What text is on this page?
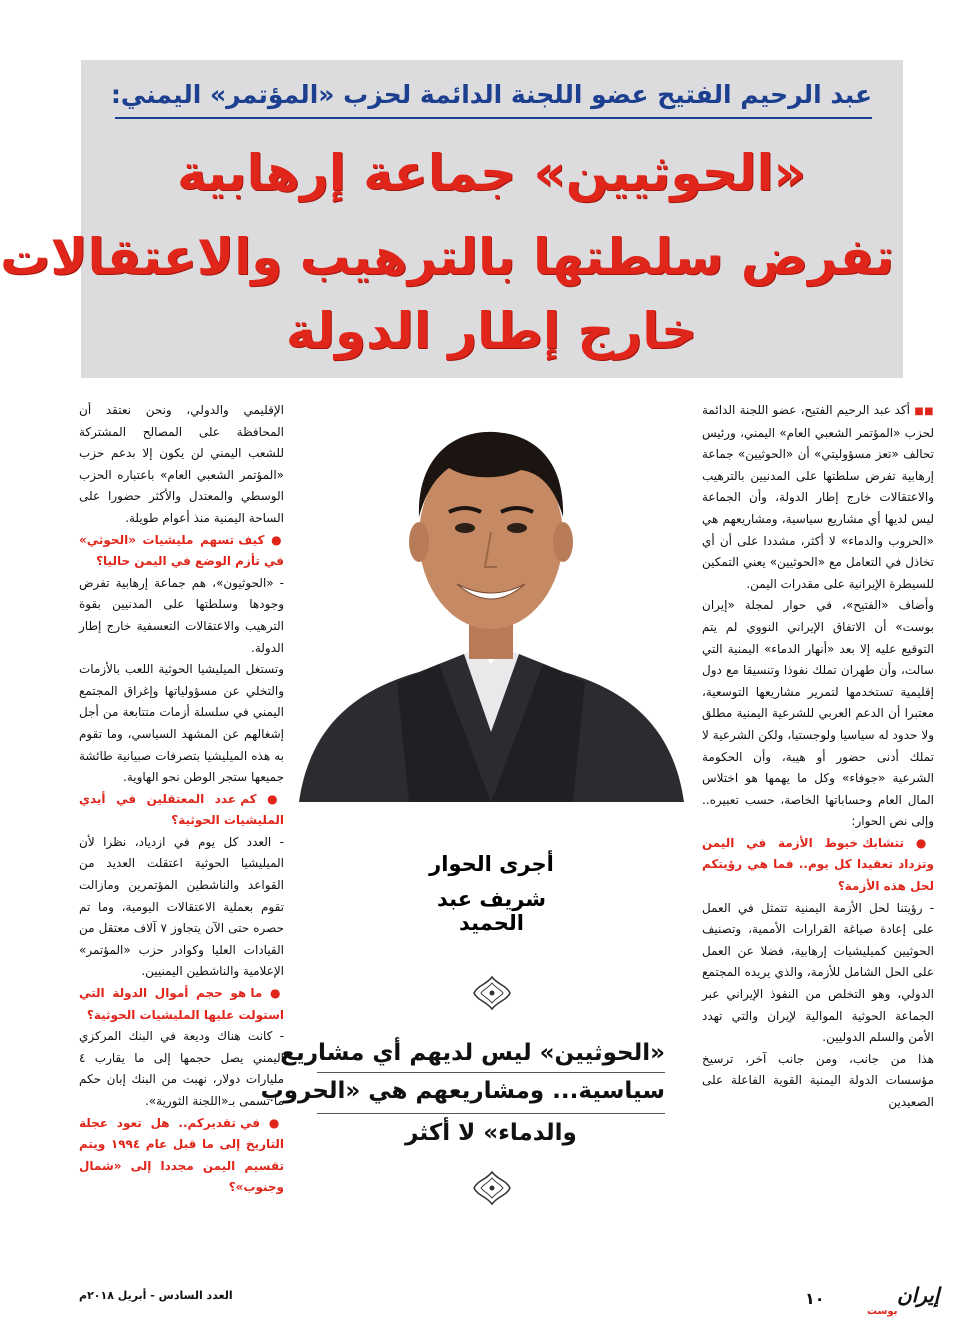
عبد الرحيم الفتيح عضو اللجنة الدائمة لحزب «المؤتمر» اليمني:
«الحوثيين» جماعة إرهابية
تفرض سلطتها بالترهيب والاعتقالات
خارج إطار الدولة

■■ أكد عبد الرحيم الفتيح، عضو اللجنة الدائمة لحزب «المؤتمر الشعبي العام» اليمني، ورئيس تحالف «تعز مسؤوليتي» أن «الحوثيين» جماعة إرهابية تفرض سلطتها على المدنيين بالترهيب والاعتقالات خارج إطار الدولة، وأن الجماعة ليس لديها أي مشاريع سياسية، ومشاريعهم هي «الحروب والدماء» لا أكثر، مشددا على أن أي تخاذل في التعامل مع «الحوثيين» يعني التمكين للسيطرة الإيرانية على مقدرات اليمن.

وأضاف «الفتيح»، في حوار لمجلة «إيران بوست» أن الاتفاق الإيراني النووي لم يتم التوقيع عليه إلا بعد «أنهار الدماء» اليمنية التي سالت، وأن طهران تملك نفوذا وتنسيقا مع دول إقليمية تستخدمها لتمرير مشاريعها التوسعية، معتبرا أن الدعم العربي للشرعية اليمنية مطلق ولا حدود له سياسيا ولوجستيا، ولكن الشرعية لا تملك أدنى حضور أو هيبة، وأن الحكومة الشرعية «جوفاء» وكل ما يهمها هو اختلاس المال العام وحساباتها الخاصة، حسب تعبيره.. وإلى نص الحوار:

● تتشابك خيوط الأزمة في اليمن وتزداد تعقيدا كل يوم.. فما هي رؤيتكم لحل هذه الأزمة؟

- رؤيتنا لحل الأزمة اليمنية تتمثل في العمل على إعادة صياغة القرارات الأممية، وتصنيف الحوثيين كميليشيات إرهابية، فضلا عن العمل على الحل الشامل للأزمة، والذي يريده المجتمع الدولي، وهو التخلص من النفوذ الإيراني عبر الجماعة الحوثية الموالية لإيران والتي تهدد الأمن والسلم الدوليين.

هذا من جانب، ومن جانب آخر، ترسيخ مؤسسات الدولة اليمنية القوية الفاعلة على الصعيدين

الإقليمي والدولي، ونحن نعتقد أن المحافظة على المصالح المشتركة للشعب اليمني لن يكون إلا بدعم حزب «المؤتمر الشعبي العام» باعتباره الحزب الوسطي والمعتدل والأكثر حضورا على الساحة اليمنية منذ أعوام طويلة.

● كيف تسهم مليشيات «الحوثي» في تأزم الوضع في اليمن حاليا؟

- «الحوثيون»، هم جماعة إرهابية تفرض وجودها وسلطتها على المدنيين بقوة الترهيب والاعتقالات التعسفية خارج إطار الدولة.

وتستغل الميليشيا الحوثية اللعب بالأزمات والتخلي عن مسؤولياتها وإغراق المجتمع اليمني في سلسلة أزمات متتابعة من أجل إشغالهم عن المشهد السياسي، وما تقوم به هذه الميليشيا بتصرفات صبيانية طائشة جميعها ستجر الوطن نحو الهاوية.

● كم عدد المعتقلين في أيدي المليشيات الحوثية؟

- العدد كل يوم في ازدياد، نظرا لأن الميليشيا الحوثية اعتقلت العديد من القواعد والناشطين المؤتمرين ومازالت تقوم بعملية الاعتقالات اليومية، وما تم حصره حتى الآن يتجاوز ٧ آلاف معتقل من القيادات العليا وكوادر حزب «المؤتمر» الإعلامية والناشطين اليمنيين.

● ما هو حجم أموال الدولة التي استولت عليها المليشيات الحوثية؟

- كانت هناك وديعة في البنك المركزي اليمني يصل حجمها إلى ما يقارب ٤ مليارات دولار، نهبت من البنك إبان حكم ما تسمى بـ«اللجنة الثورية».

● في تقديركم.. هل تعود عجلة التاريخ إلى ما قبل عام ١٩٩٤ ويتم تقسيم اليمن مجددا إلى «شمال وجنوب»؟

أجرى الحوار
شريف عبد الحميد
«الحوثيين» ليس لديهم أي مشاريع
سياسية... ومشاريعهم هي «الحروب
والدماء» لا أكثر
العدد السادس - أبريل ٢٠١٨م	١٠	إيران
بوست
